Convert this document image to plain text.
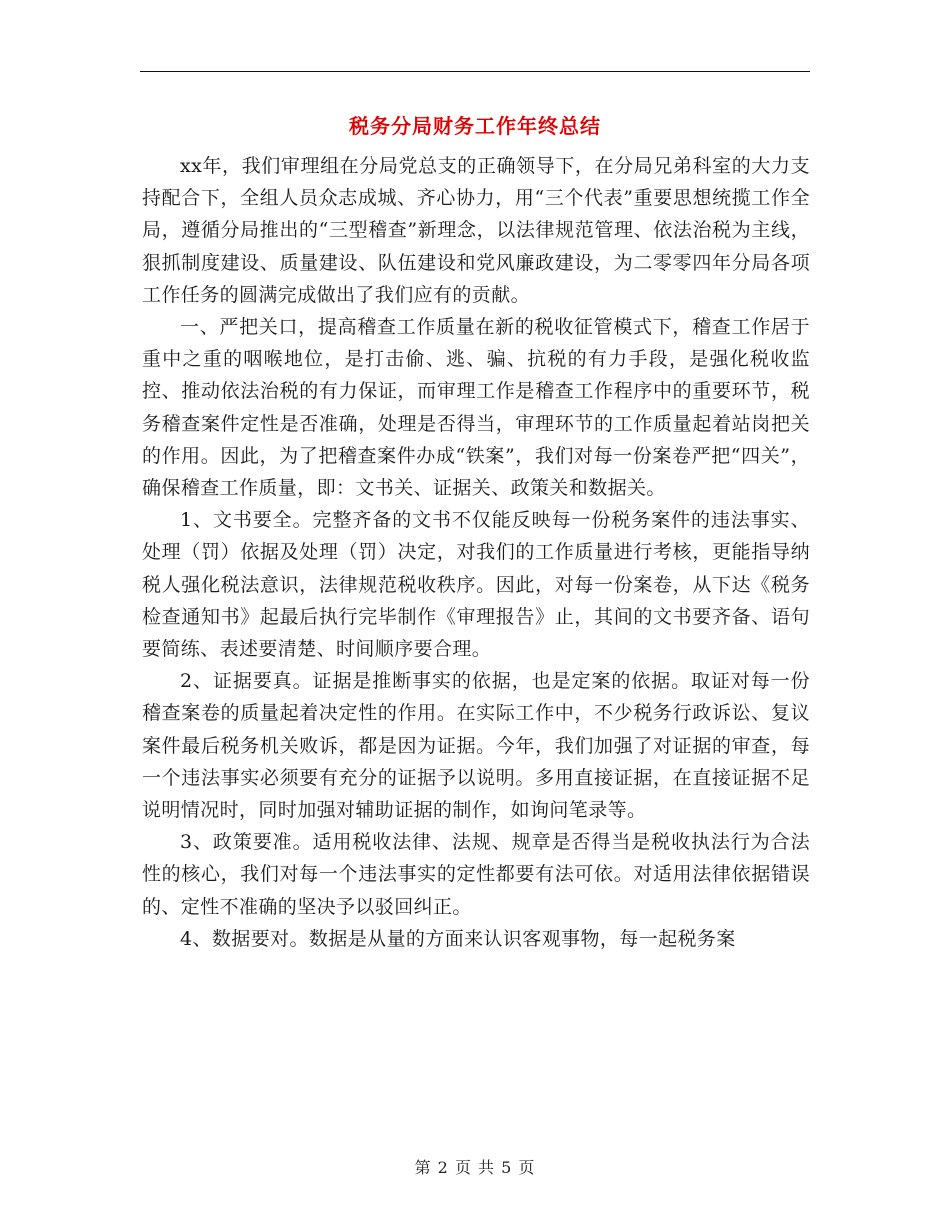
税务分局财务工作年终总结

xx年，我们审理组在分局党总支的正确领导下，在分局兄弟科室的大力支持配合下，全组人员众志成城、齐心协力，用“三个代表”重要思想统揽工作全局，遵循分局推出的“三型稽查”新理念，以法律规范管理、依法治税为主线，狠抓制度建设、质量建设、队伍建设和党风廉政建设，为二零零四年分局各项工作任务的圆满完成做出了我们应有的贡献。

一、严把关口，提高稽查工作质量在新的税收征管模式下，稽查工作居于重中之重的咽喉地位，是打击偷、逃、骗、抗税的有力手段，是强化税收监控、推动依法治税的有力保证，而审理工作是稽查工作程序中的重要环节，税务稽查案件定性是否准确，处理是否得当，审理环节的工作质量起着站岗把关的作用。因此，为了把稽查案件办成“铁案”，我们对每一份案卷严把“四关”，确保稽查工作质量，即：文书关、证据关、政策关和数据关。

1、文书要全。完整齐备的文书不仅能反映每一份税务案件的违法事实、处理（罚）依据及处理（罚）决定，对我们的工作质量进行考核，更能指导纳税人强化税法意识，法律规范税收秩序。因此，对每一份案卷，从下达《税务检查通知书》起最后执行完毕制作《审理报告》止，其间的文书要齐备、语句要简练、表述要清楚、时间顺序要合理。

2、证据要真。证据是推断事实的依据，也是定案的依据。取证对每一份稽查案卷的质量起着决定性的作用。在实际工作中，不少税务行政诉讼、复议案件最后税务机关败诉，都是因为证据。今年，我们加强了对证据的审查，每一个违法事实必须要有充分的证据予以说明。多用直接证据，在直接证据不足说明情况时，同时加强对辅助证据的制作，如询问笔录等。

3、政策要准。适用税收法律、法规、规章是否得当是税收执法行为合法性的核心，我们对每一个违法事实的定性都要有法可依。对适用法律依据错误的、定性不准确的坚决予以驳回纠正。

4、数据要对。数据是从量的方面来认识客观事物，每一起税务案

第 2 页 共 5 页
